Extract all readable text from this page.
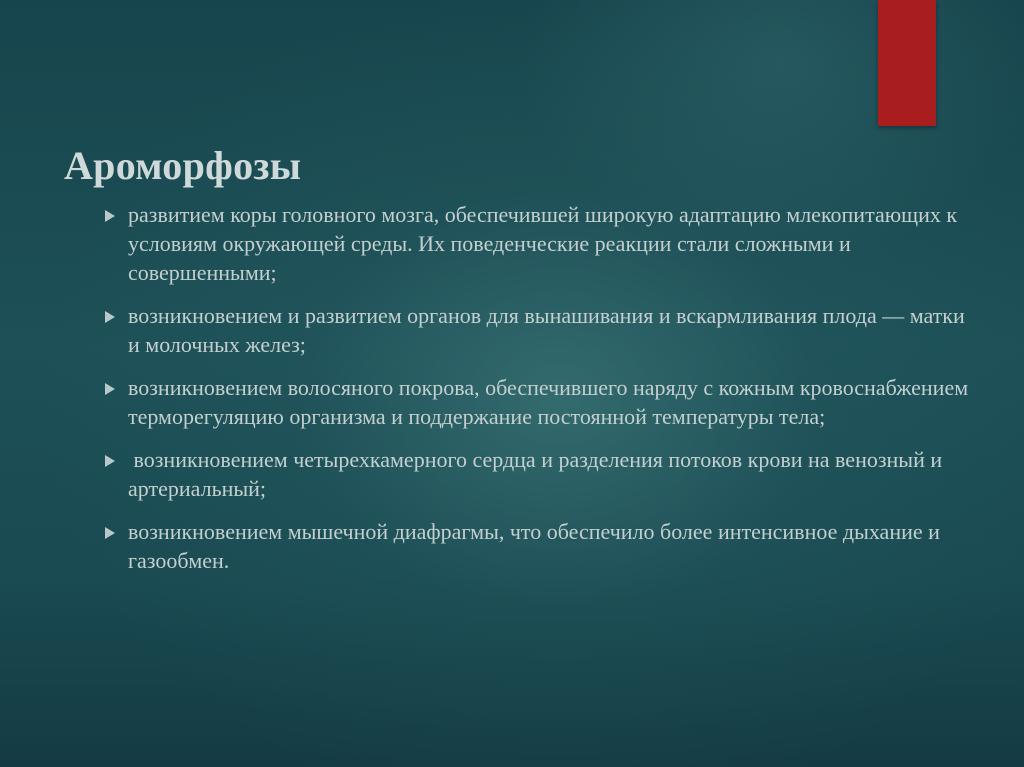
Ароморфозы
развитием коры головного мозга, обеспечившей широкую адаптацию млекопитающих к условиям окружающей среды. Их поведенческие реакции стали сложными и совершенными;
возникновением и развитием органов для вынашивания и вскармливания плода — матки и молочных желез;
возникновением волосяного покрова, обеспечившего наряду с кожным кровоснабжением терморегуляцию организма и поддержание постоянной температуры тела;
возникновением четырехкамерного сердца и разделения потоков крови на венозный и артериальный;
возникновением мышечной диафрагмы, что обеспечило более интенсивное дыхание и газообмен.
